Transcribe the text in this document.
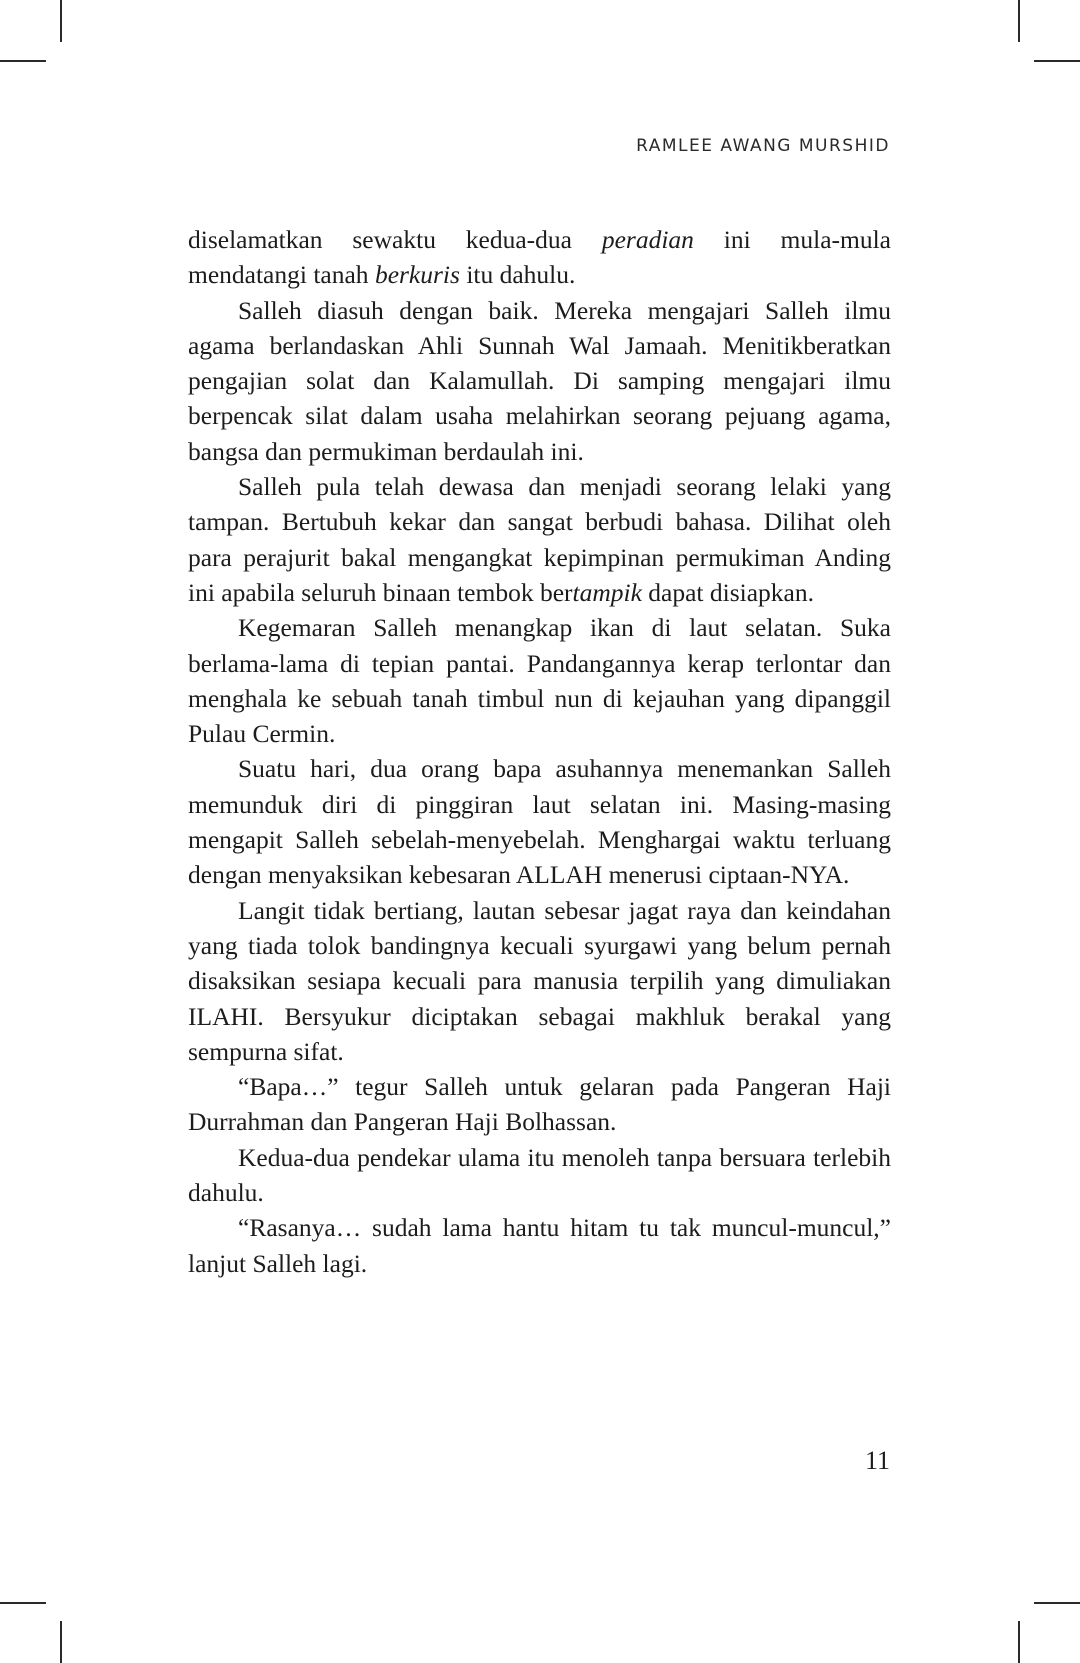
RAMLEE AWANG MURSHID

diselamatkan sewaktu kedua-dua peradian ini mula-mula mendatangi tanah berkuris itu dahulu.

Salleh diasuh dengan baik. Mereka mengajari Salleh ilmu agama berlandaskan Ahli Sunnah Wal Jamaah. Menitikberatkan pengajian solat dan Kalamullah. Di samping mengajari ilmu berpencak silat dalam usaha melahirkan seorang pejuang agama, bangsa dan permukiman berdaulah ini.

Salleh pula telah dewasa dan menjadi seorang lelaki yang tampan. Bertubuh kekar dan sangat berbudi bahasa. Dilihat oleh para perajurit bakal mengangkat kepimpinan permukiman Anding ini apabila seluruh binaan tembok bertampik dapat disiapkan.

Kegemaran Salleh menangkap ikan di laut selatan. Suka berlama-lama di tepian pantai. Pandangannya kerap terlontar dan menghala ke sebuah tanah timbul nun di kejauhan yang dipanggil Pulau Cermin.

Suatu hari, dua orang bapa asuhannya menemankan Salleh memunduk diri di pinggiran laut selatan ini. Masing-masing mengapit Salleh sebelah-menyebelah. Menghargai waktu terluang dengan menyaksikan kebesaran ALLAH menerusi ciptaan-NYA.

Langit tidak bertiang, lautan sebesar jagat raya dan keindahan yang tiada tolok bandingnya kecuali syurgawi yang belum pernah disaksikan sesiapa kecuali para manusia terpilih yang dimuliakan ILAHI. Bersyukur diciptakan sebagai makhluk berakal yang sempurna sifat.

“Bapa…” tegur Salleh untuk gelaran pada Pangeran Haji Durrahman dan Pangeran Haji Bolhassan.

Kedua-dua pendekar ulama itu menoleh tanpa bersuara terlebih dahulu.

“Rasanya… sudah lama hantu hitam tu tak muncul-muncul,” lanjut Salleh lagi.

11
